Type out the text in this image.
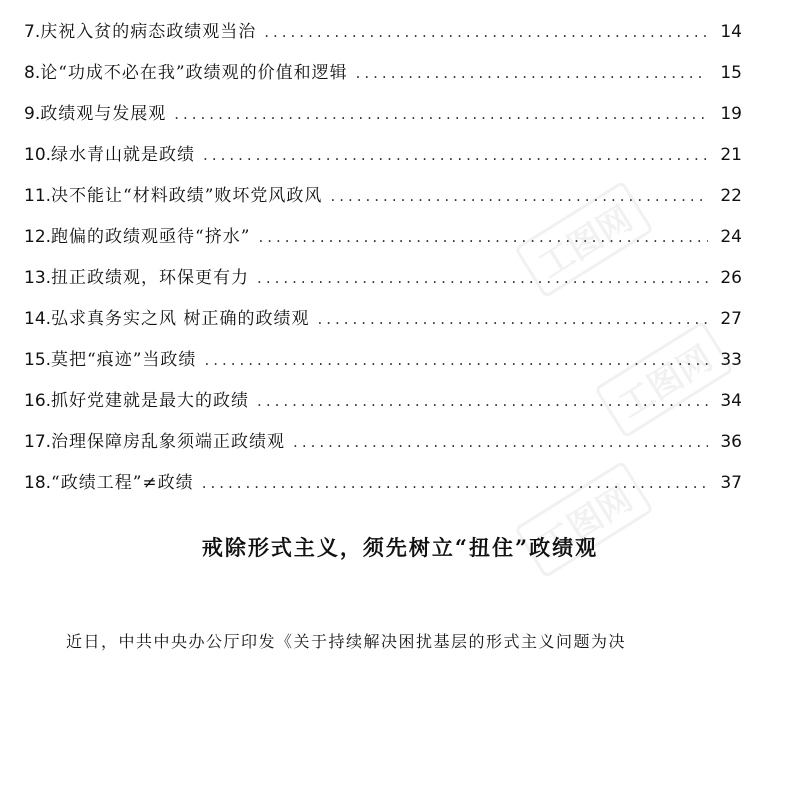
工图网
工图网
工图网
7. 庆祝入贫的病态政绩观当治 .....	14
8. 论“功成不必在我”政绩观的价值和逻辑 .....	15
9. 政绩观与发展观 .....	19
10. 绿水青山就是政绩 .....	21
11. 决不能让“材料政绩”败坏党风政风 .....	22
12. 跑偏的政绩观亟待“挤水” .....	24
13. 扭正政绩观，环保更有力 .....	26
14. 弘求真务实之风 树正确的政绩观 .....	27
15. 莫把“痕迹”当政绩 .....	33
16. 抓好党建就是最大的政绩 .....	34
17. 治理保障房乱象须端正政绩观 .....	36
18. “政绩工程”≠政绩 .....	37
戒除形式主义，须先树立“扭住”政绩观
近日，中共中央办公厅印发《关于持续解决困扰基层的形式主义问题为决
